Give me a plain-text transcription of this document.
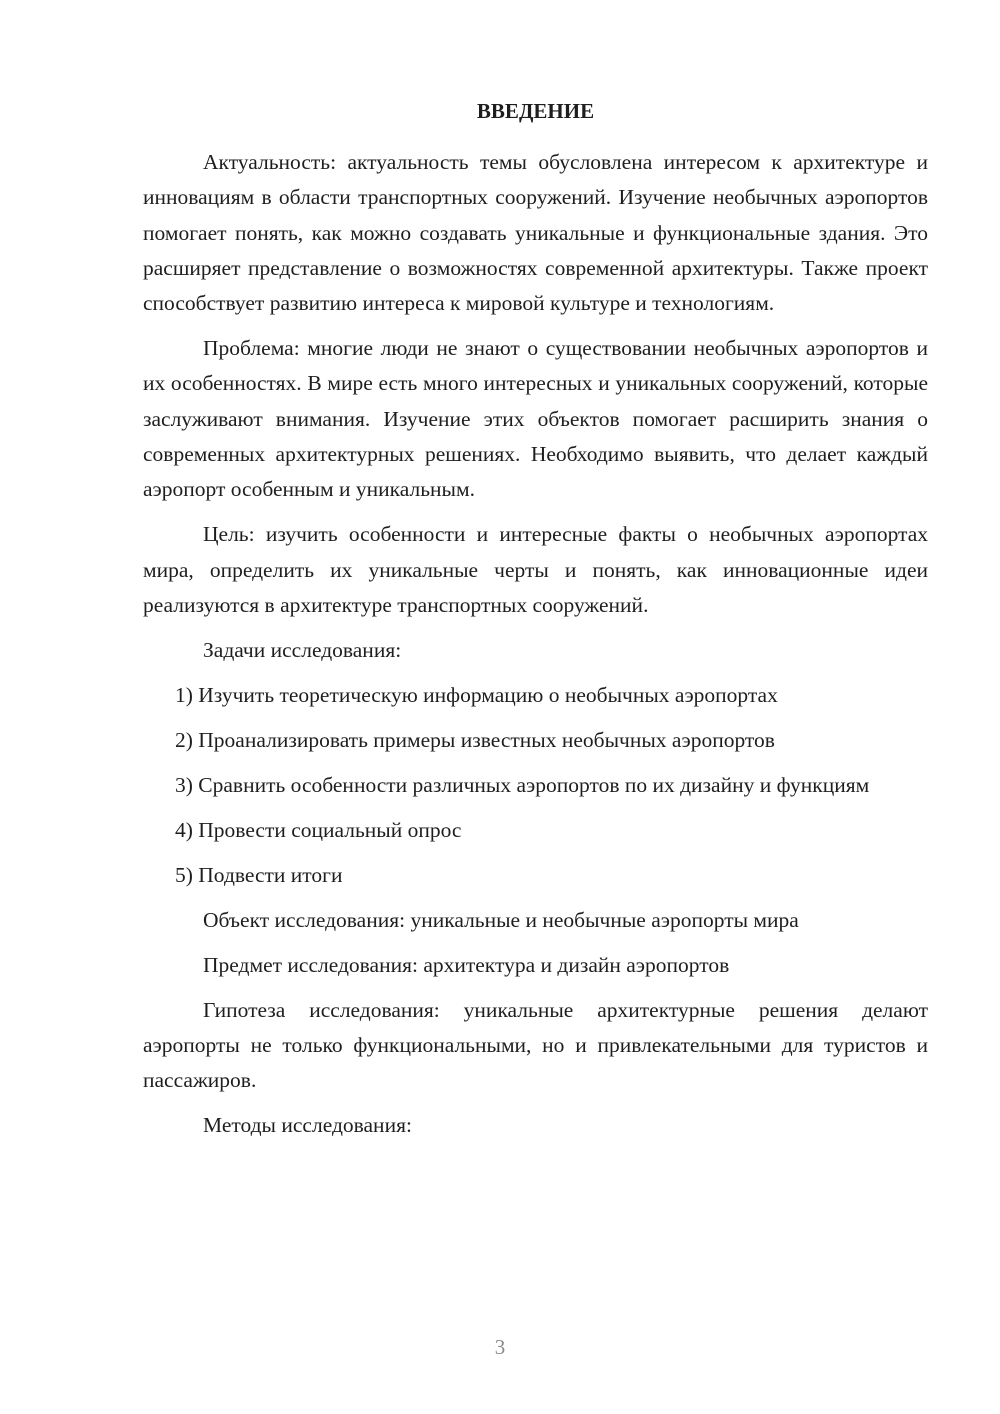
ВВЕДЕНИЕ

Актуальность: актуальность темы обусловлена интересом к архитектуре и инновациям в области транспортных сооружений. Изучение необычных аэропортов помогает понять, как можно создавать уникальные и функциональные здания. Это расширяет представление о возможностях современной архитектуры. Также проект способствует развитию интереса к мировой культуре и технологиям.

Проблема: многие люди не знают о существовании необычных аэропортов и их особенностях. В мире есть много интересных и уникальных сооружений, которые заслуживают внимания. Изучение этих объектов помогает расширить знания о современных архитектурных решениях. Необходимо выявить, что делает каждый аэропорт особенным и уникальным.

Цель: изучить особенности и интересные факты о необычных аэропортах мира, определить их уникальные черты и понять, как инновационные идеи реализуются в архитектуре транспортных сооружений.

Задачи исследования:

1) Изучить теоретическую информацию о необычных аэропортах

2) Проанализировать примеры известных необычных аэропортов

3) Сравнить особенности различных аэропортов по их дизайну и функциям

4) Провести социальный опрос

5) Подвести итоги

Объект исследования: уникальные и необычные аэропорты мира

Предмет исследования: архитектура и дизайн аэропортов

Гипотеза исследования: уникальные архитектурные решения делают аэропорты не только функциональными, но и привлекательными для туристов и пассажиров.

Методы исследования:

3
